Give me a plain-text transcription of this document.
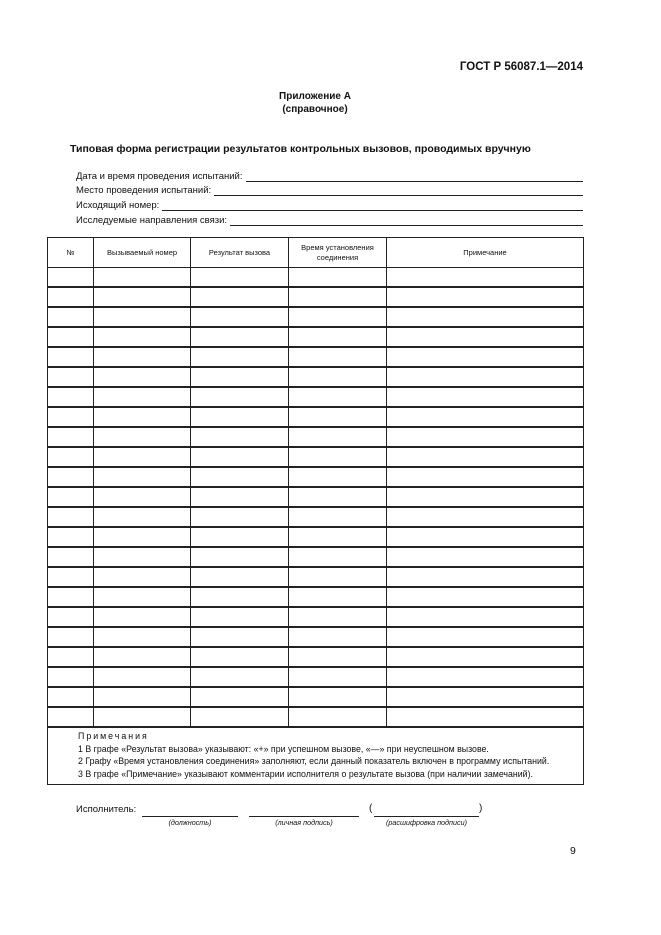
ГОСТ Р 56087.1—2014
Приложение А
(справочное)
Типовая форма регистрации результатов контрольных вызовов, проводимых вручную
Дата и время проведения испытаний:
Место проведения испытаний:
Исходящий номер:
Исследуемые направления связи:
№	Вызываемый номер	Результат вызова	Время установления соединения	Примечание

Примечания
1 В графе «Результат вызова» указывают: «+» при успешном вызове, «—» при неуспешном вызове.
2 Графу «Время установления соединения» заполняют, если данный показатель включен в программу испытаний.
3 В графе «Примечание» указывают комментарии исполнителя о результате вызова (при наличии замечаний).				
Исполнитель:	(	)
(должность)	(личная подпись)	(расшифровка подписи)
9
